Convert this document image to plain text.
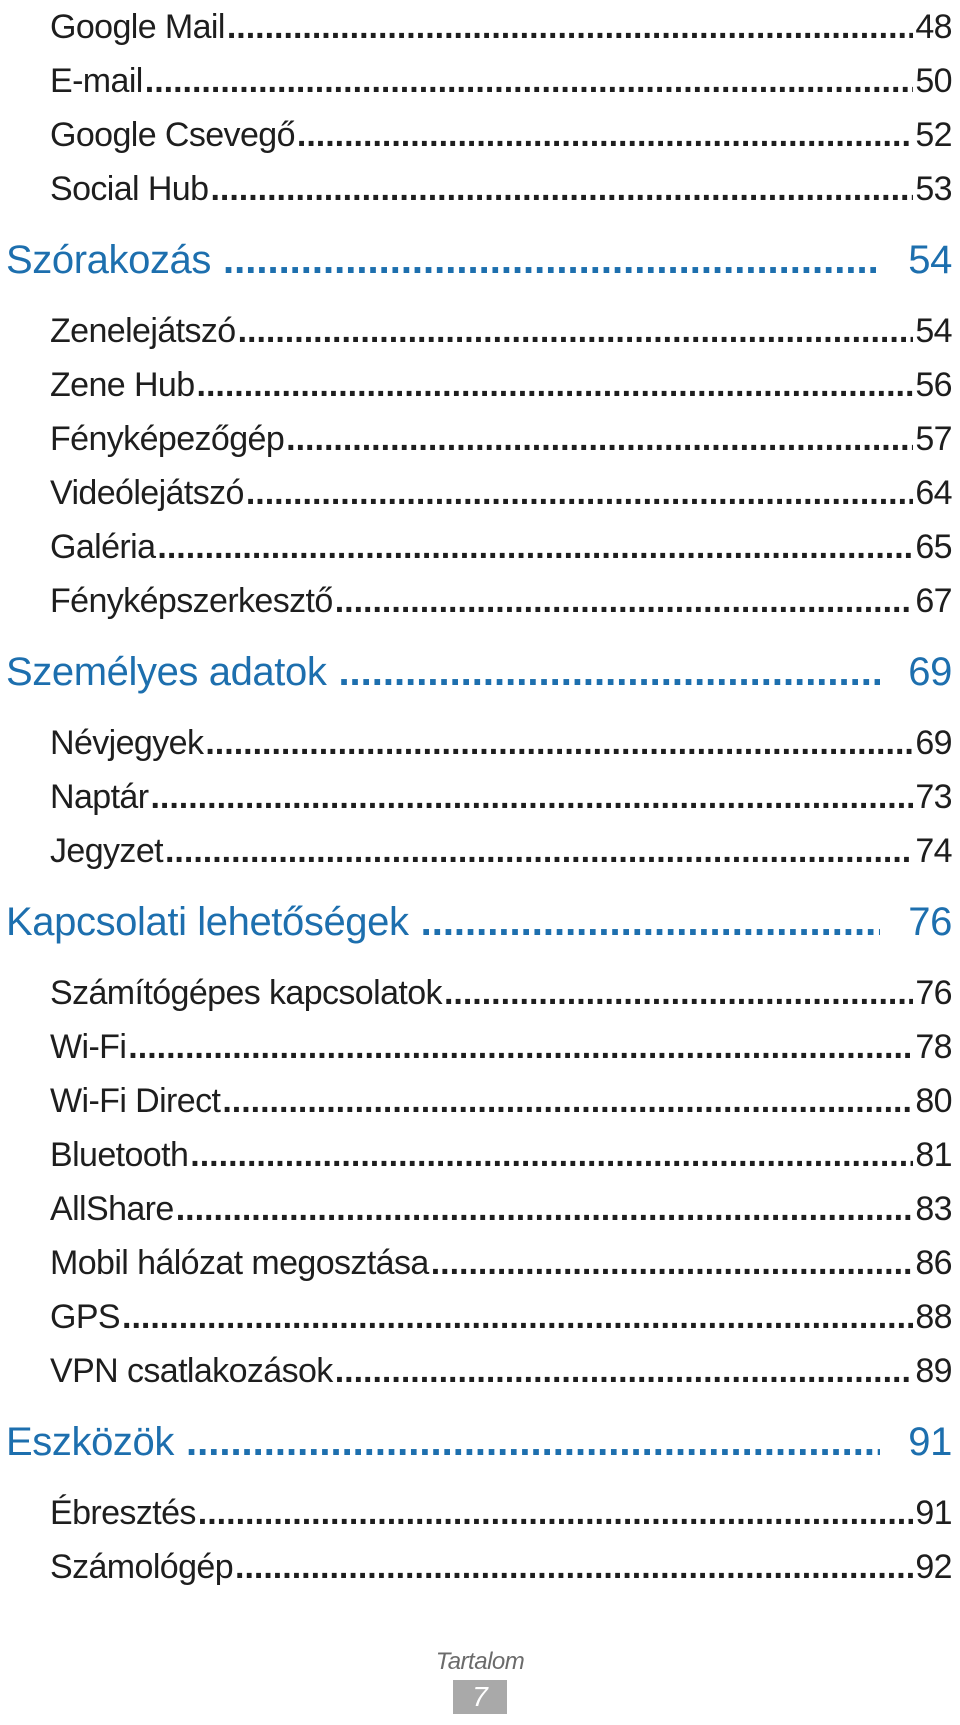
Google Mail .....	48
E-mail .....	50
Google Csevegő .....	52
Social Hub .....	53
Szórakozás .....	54
Zenelejátszó .....	54
Zene Hub .....	56
Fényképezőgép .....	57
Videólejátszó .....	64
Galéria .....	65
Fényképszerkesztő .....	67
Személyes adatok .....	69
Névjegyek .....	69
Naptár .....	73
Jegyzet .....	74
Kapcsolati lehetőségek .....	76
Számítógépes kapcsolatok .....	76
Wi-Fi .....	78
Wi-Fi Direct .....	80
Bluetooth .....	81
AllShare .....	83
Mobil hálózat megosztása .....	86
GPS .....	88
VPN csatlakozások .....	89
Eszközök .....	91
Ébresztés .....	91
Számológép .....	92
Tartalom
7
